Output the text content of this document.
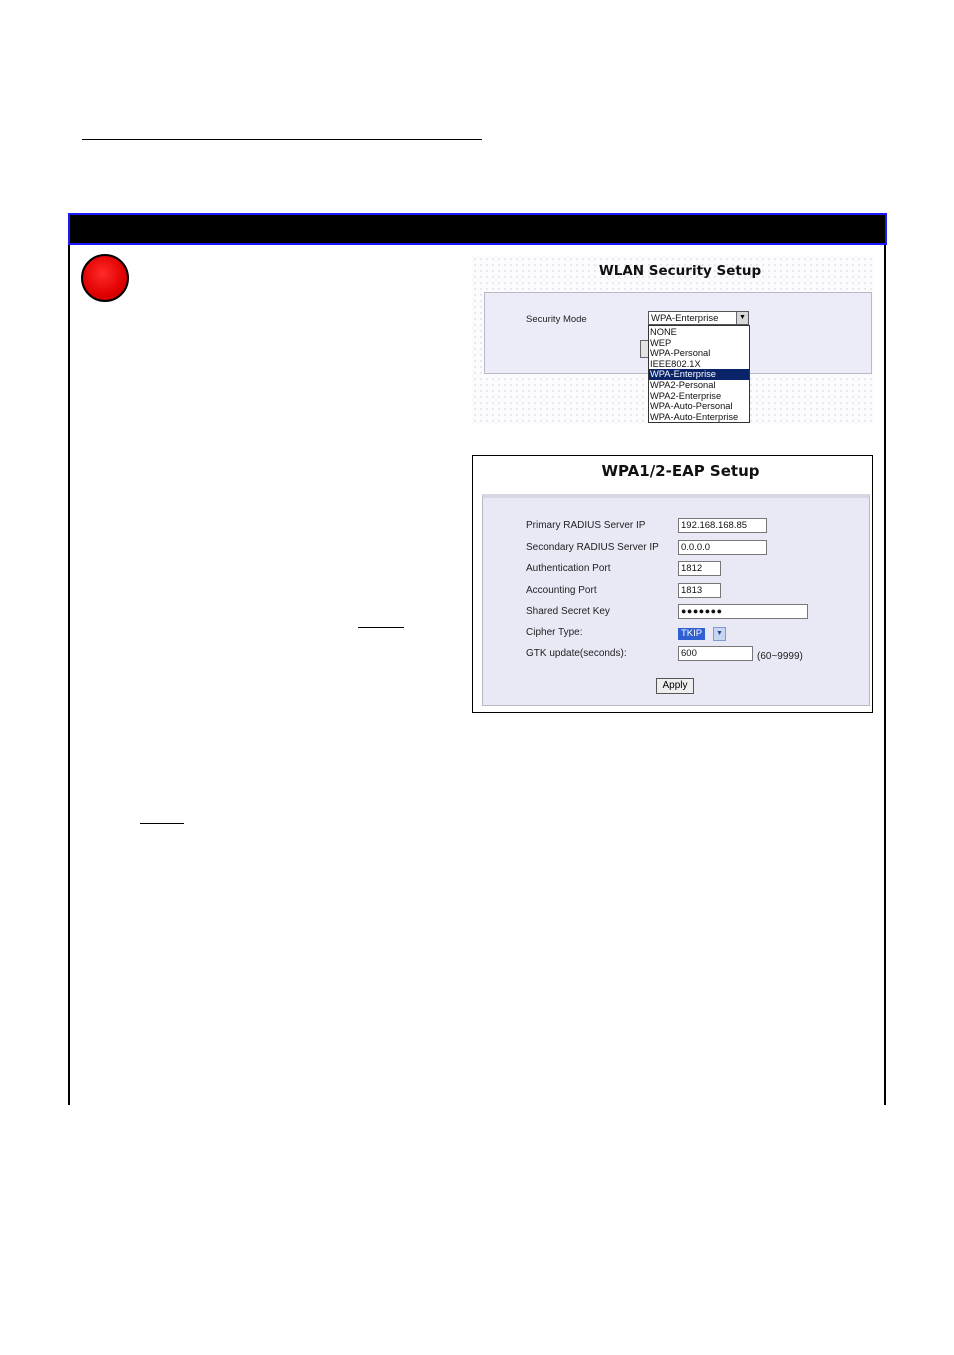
WLAN Security Setup
Security Mode	WPA-Enterprise	▼
NONE
WEP
WPA-Personal
IEEE802.1X
WPA-Enterprise
WPA2-Personal
WPA2-Enterprise
WPA-Auto-Personal
WPA-Auto-Enterprise
WPA1/2-EAP Setup
Primary RADIUS Server IP	192.168.168.85
Secondary RADIUS Server IP	0.0.0.0
Authentication Port	1812
Accounting Port	1813
Shared Secret Key	●●●●●●●
Cipher Type:	TKIP	▼
GTK update(seconds):	600	(60~9999)
Apply
